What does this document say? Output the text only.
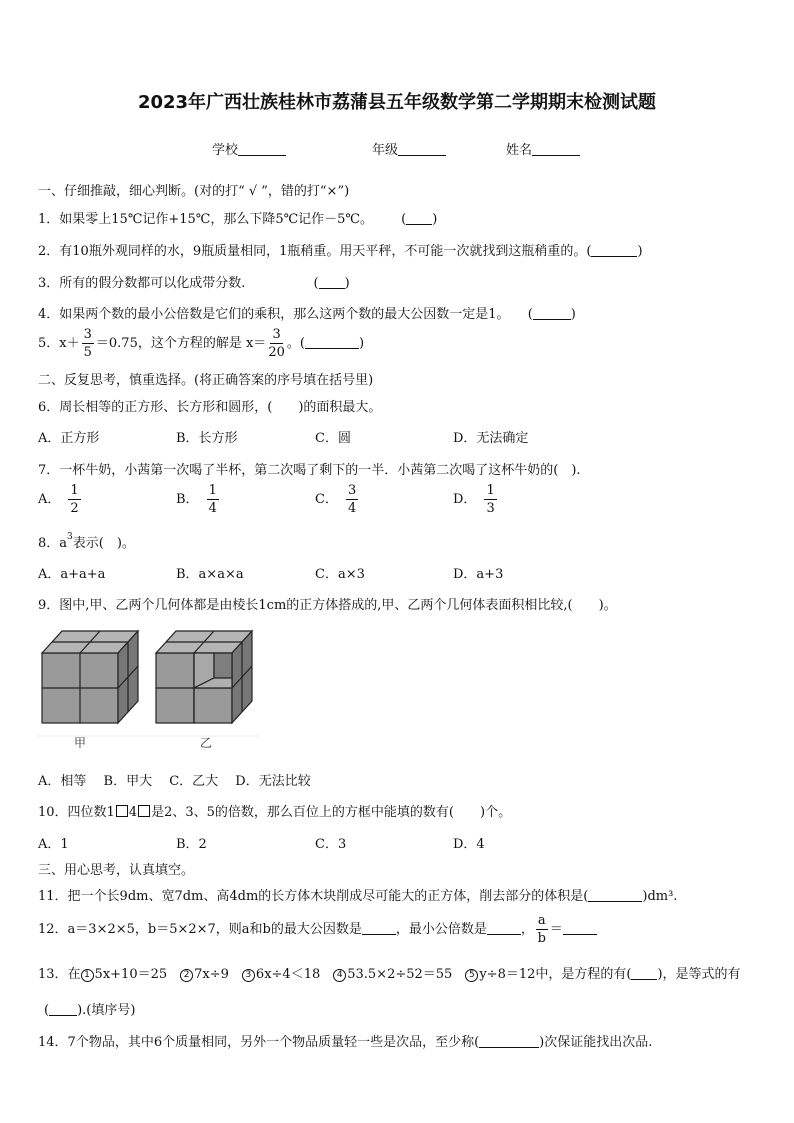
2023年广西壮族桂林市荔蒲县五年级数学第二学期期末检测试题
学校	年级	姓名
一、仔细推敲，细心判断。(对的打“ √ ”，错的打“×”)
1．如果零上15℃记作+15℃，那么下降5℃记作－5℃。 ( )
2．有10瓶外观同样的水，9瓶质量相同，1瓶稍重。用天平秤，不可能一次就找到这瓶稍重的。(	)
3．所有的假分数都可以化成带分数.	( )
4．如果两个数的最小公倍数是它们的乘积，那么这两个数的最大公因数一定是1。 (	)
5．$x+ \frac{3}{5} =0.75$，这个方程的解是 $x= \frac{3}{20}$ 。(	)
二、反复思考，慎重选择。(将正确答案的序号填在括号里)
6．周长相等的正方形、长方形和圆形，(　　)的面积最大。
A．正方形	B．长方形	C．圆	D．无法确定
7．一杯牛奶，小茜第一次喝了半杯，第二次喝了剩下的一半．小茜第二次喝了这杯牛奶的(　).
A． $\frac{1}{2}$	B． $\frac{1}{4}$	C． $\frac{3}{4}$	D． $\frac{1}{3}$
8．$a^3$表示(　)。
A．a+a+a	B．a×a×a	C．a×3	D．a+3
9．图中,甲、乙两个几何体都是由棱长1cm的正方体搭成的,甲、乙两个几何体表面积相比较,(　　)。
甲	乙
A．相等　 B．甲大　 C．乙大　 D．无法比较
10．四位数1 4 是2、3、5的倍数，那么百位上的方框中能填的数有(　　)个。
A．1	B．2	C．3	D．4
三、用心思考，认真填空。
11．把一个长9dm、宽7dm、高4dm的长方体木块削成尽可能大的正方体，削去部分的体积是(	)dm³.
12．a＝3×2×5，b＝5×2×7，则a和b的最大公因数是	，最小公倍数是	， $\frac{a}{b}$ ＝
13．在 1 5x+10＝25　2 7x÷9　3 6x÷4＜18　4 53.5×2÷52＝55　5 y÷8＝12中，是方程的有( )，是等式的有
( ).(填序号)
14．7个物品，其中6个质量相同，另外一个物品质量轻一些是次品，至少称(	)次保证能找出次品.
